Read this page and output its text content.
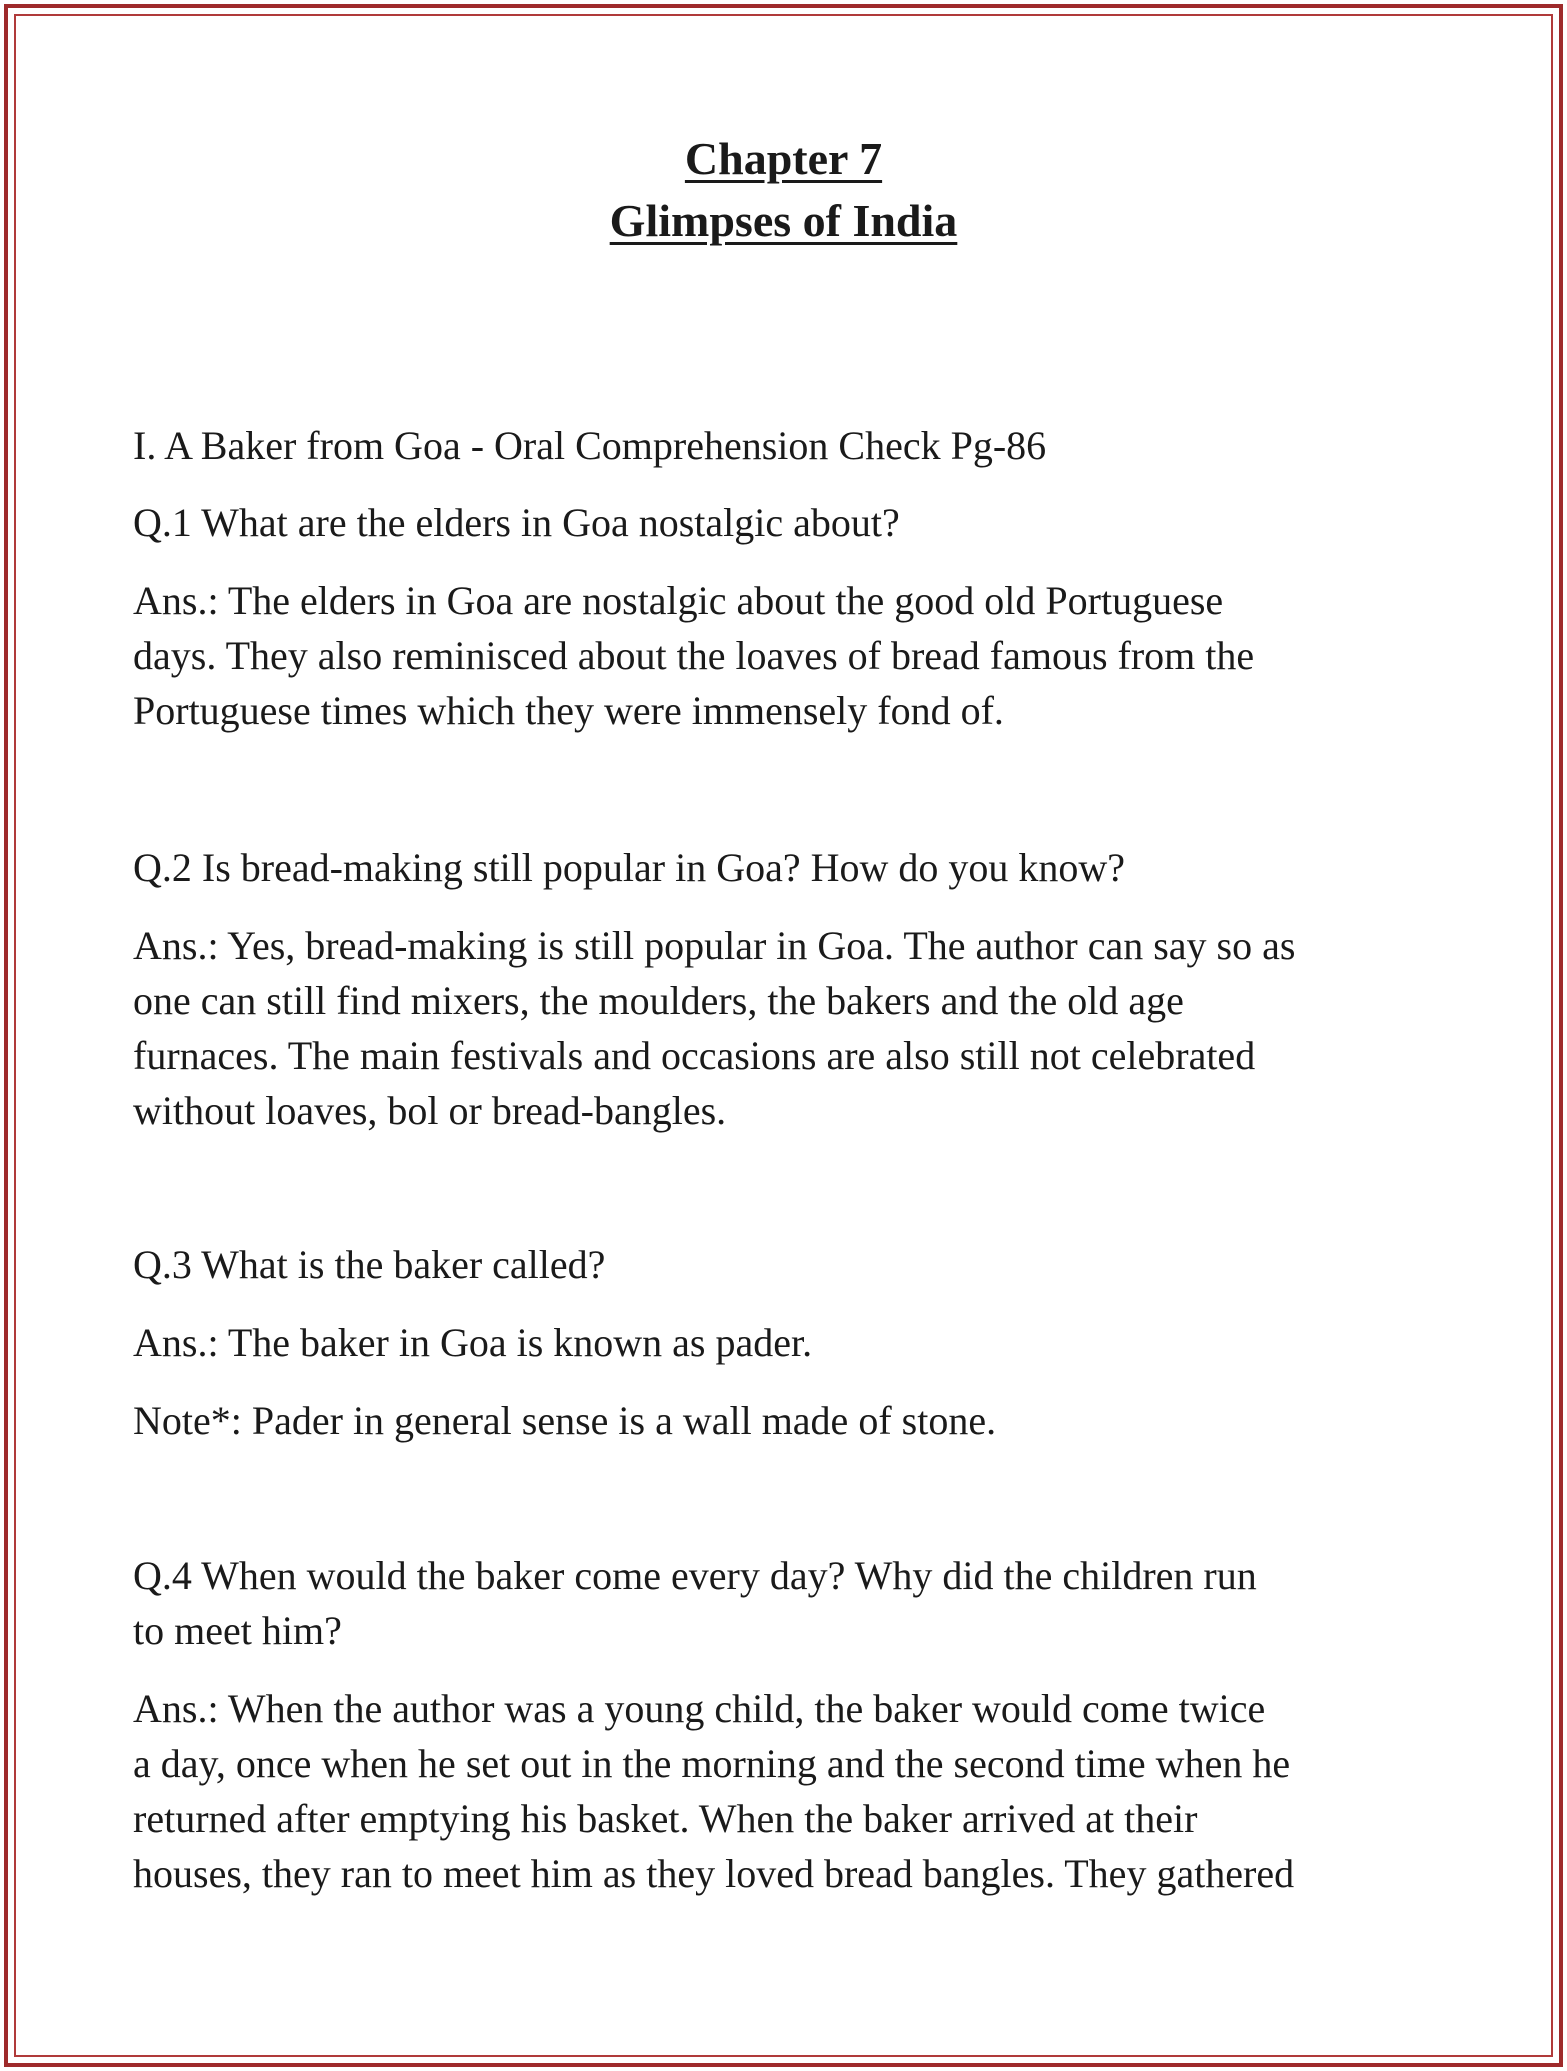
Chapter 7
Glimpses of India

I. A Baker from Goa - Oral Comprehension Check Pg-86

Q.1 What are the elders in Goa nostalgic about?

Ans.: The elders in Goa are nostalgic about the good old Portuguese

days. They also reminisced about the loaves of bread famous from the

Portuguese times which they were immensely fond of.

Q.2 Is bread-making still popular in Goa? How do you know?

Ans.: Yes, bread-making is still popular in Goa. The author can say so as

one can still find mixers, the moulders, the bakers and the old age

furnaces. The main festivals and occasions are also still not celebrated

without loaves, bol or bread-bangles.

Q.3 What is the baker called?

Ans.: The baker in Goa is known as pader.

Note*: Pader in general sense is a wall made of stone.

Q.4 When would the baker come every day? Why did the children run

to meet him?

Ans.: When the author was a young child, the baker would come twice

a day, once when he set out in the morning and the second time when he

returned after emptying his basket. When the baker arrived at their

houses, they ran to meet him as they loved bread bangles. They gathered
